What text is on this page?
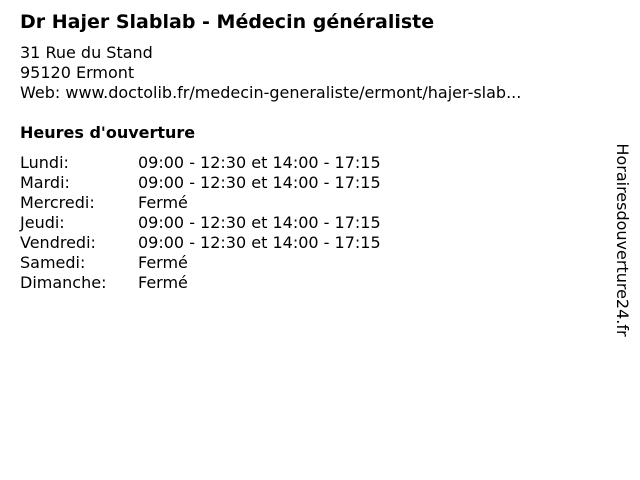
Dr Hajer Slablab - Médecin généraliste
31 Rue du Stand
95120 Ermont
Web: www.doctolib.fr/medecin-generaliste/ermont/hajer-slab...
Heures d'ouverture
Lundi:	09:00 - 12:30 et 14:00 - 17:15
Mardi:	09:00 - 12:30 et 14:00 - 17:15
Mercredi:	Fermé
Jeudi:	09:00 - 12:30 et 14:00 - 17:15
Vendredi:	09:00 - 12:30 et 14:00 - 17:15
Samedi:	Fermé
Dimanche: Fermé	Horairesdouverture24.fr
